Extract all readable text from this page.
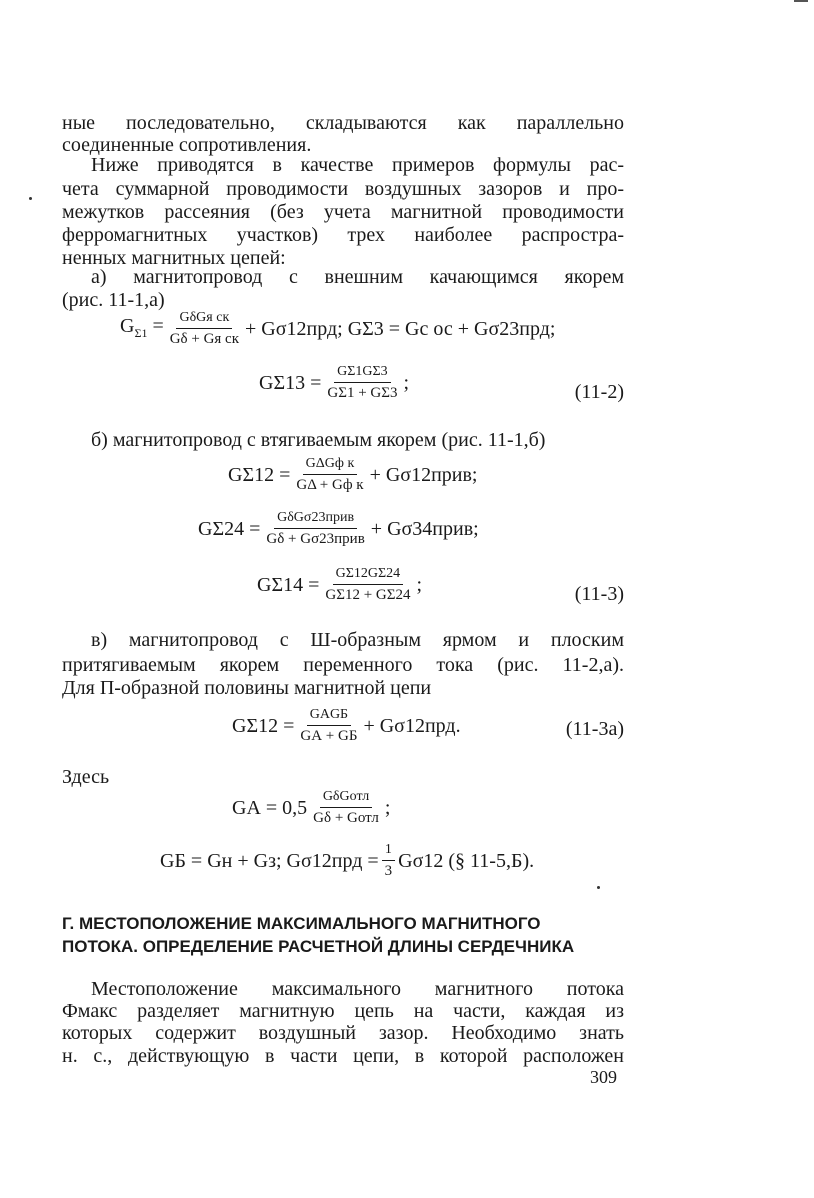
ные последовательно, складываются как параллельно
соединенные сопротивления.
Ниже приводятся в качестве примеров формулы рас-
чета суммарной проводимости воздушных зазоров и про-
межутков рассеяния (без учета магнитной проводимости
ферромагнитных участков) трех наиболее распростра-
ненных магнитных цепей:
а) магнитопровод с внешним качающимся якорем
(рис. 11-1,а)
$G_{\Sigma 1} = \frac{\text{GδGя ск}}{\text{Gδ + Gя ск}} + G\sigma 12прд$; GΣ3 = Gс ос + Gσ23прд;
$G\Sigma 13 = \frac{G\Sigma 1G\Sigma 3}{G\Sigma 1 + G\Sigma 3}$ ;	(11-2)
б) магнитопровод с втягиваемым якорем (рис. 11-1,б)
$G\Sigma 12 = \frac{\text{GΔGф к}}{\text{GΔ + Gф к}}$ + Gσ12прив;
$G\Sigma 24 = \frac{\text{GδGσ23прив}}{\text{Gδ + Gσ23прив}}$ + Gσ34прив;
$G\Sigma 14 = \frac{G\Sigma 12G\Sigma 24}{G\Sigma 12 + G\Sigma 24}$ ;	(11-3)
в) магнитопровод с Ш-образным ярмом и плоским
притягиваемым якорем переменного тока (рис. 11-2,а).
Для П-образной половины магнитной цепи
$G\Sigma 12 = \frac{\text{GАGБ}}{GА + GБ} + G\sigma 12прд$.	(11-3а)
Здесь
GА = $0,5 \frac{\text{GδGотл}}{\text{Gδ + Gотл}}$ ;
GБ = Gн + Gз; $G\sigma 12прд = \frac{1}{3} G\sigma 12$ (§ 11-5,Б).
Г. МЕСТОПОЛОЖЕНИЕ МАКСИМАЛЬНОГО МАГНИТНОГО
ПОТОКА. ОПРЕДЕЛЕНИЕ РАСЧЕТНОЙ ДЛИНЫ СЕРДЕЧНИКА
Местоположение максимального магнитного потока
Фмакс разделяет магнитную цепь на части, каждая из
которых содержит воздушный зазор. Необходимо знать
н. с., действующую в части цепи, в которой расположен
309
